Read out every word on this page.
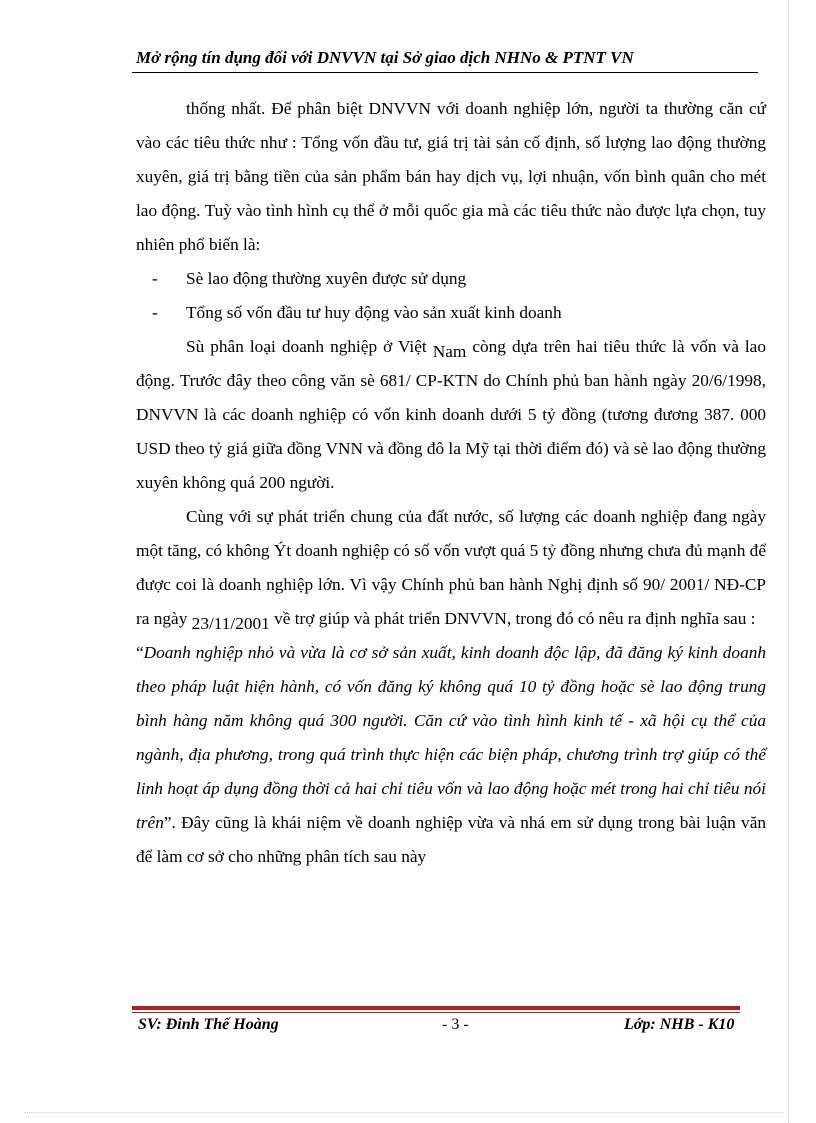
Mở rộng tín dụng đối với DNVVN tại Sở giao dịch NHNo & PTNT VN

thống nhất. Để phân biệt DNVVN với doanh nghiệp lớn, người ta thường căn cứ vào các tiêu thức như : Tổng vốn đầu tư, giá trị tài sản cố định, số lượng lao động thường xuyên, giá trị bằng tiền của sản phẩm bán hay dịch vụ, lợi nhuận, vốn bình quân cho mét lao động. Tuỳ vào tình hình cụ thể ở mỗi quốc gia mà các tiêu thức nào được lựa chọn, tuy nhiên phổ biến là:

-	Sè lao động thường xuyên được sử dụng
-	Tổng số vốn đầu tư huy động vào sản xuất kinh doanh

Sù phân loại doanh nghiệp ở Việt Nam còng dựa trên hai tiêu thức là vốn và lao động. Trước đây theo công văn sè 681/ CP-KTN do Chính phủ ban hành ngày 20/6/1998, DNVVN là các doanh nghiệp có vốn kinh doanh dưới 5 tỷ đồng (tương đương 387. 000 USD theo tỷ giá giữa đồng VNN và đồng đô la Mỹ tại thời điểm đó) và sè lao động thường xuyên không quá 200 người.

Cùng với sự phát triển chung của đất nước, số lượng các doanh nghiệp đang ngày một tăng, có không Ýt doanh nghiệp có số vốn vượt quá 5 tỷ đồng nhưng chưa đủ mạnh để được coi là doanh nghiệp lớn. Vì vậy Chính phủ ban hành Nghị định số 90/ 2001/ NĐ-CP ra ngày 23/11/2001 về trợ giúp và phát triển DNVVN, trong đó có nêu ra định nghĩa sau :

“Doanh nghiệp nhỏ và vừa là cơ sở sản xuất, kinh doanh độc lập, đã đăng ký kinh doanh theo pháp luật hiện hành, có vốn đăng ký không quá 10 tỷ đồng hoặc sè lao động trung bình hàng năm không quá 300 người. Căn cứ vào tình hình kinh tế - xã hội cụ thể của ngành, địa phương, trong quá trình thực hiện các biện pháp, chương trình trợ giúp có thể linh hoạt áp dụng đồng thời cả hai chỉ tiêu vốn và lao động hoặc mét trong hai chỉ tiêu nói trên”. Đây cũng là khái niệm về doanh nghiệp vừa và nhá em sử dụng trong bài luận văn để làm cơ sở cho những phân tích sau này

SV: Đinh Thế Hoàng	- 3 -	Lớp: NHB - K10
